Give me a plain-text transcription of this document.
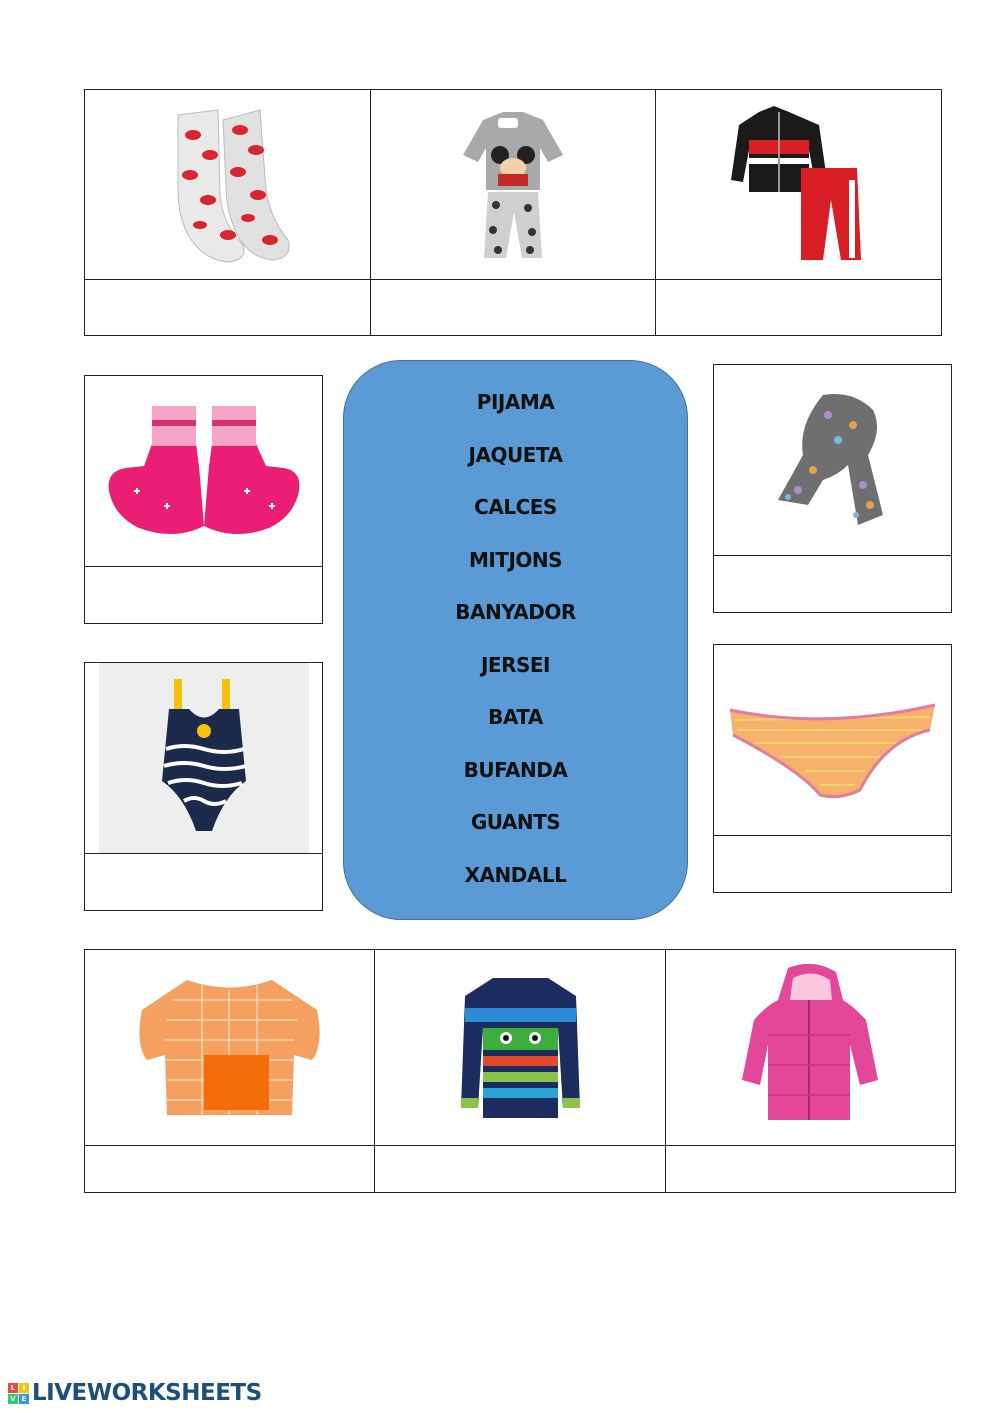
PIJAMA
JAQUETA
CALCES
MITJONS
BANYADOR
JERSEI
BATA
BUFANDA
GUANTS
XANDALL
L	I
V E LIVEWORKSHEETS
